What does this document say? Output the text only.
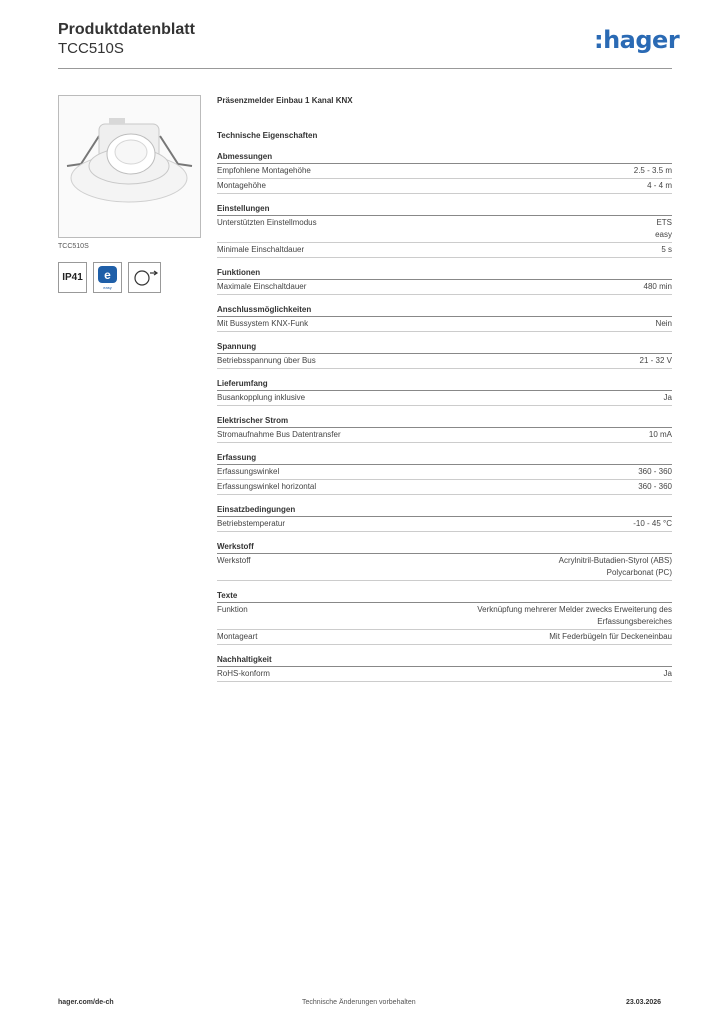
Produktdatenblatt
TCC510S	:hager
TCC510S
IP41 e
easy
Präsenzmelder Einbau 1 Kanal KNX
Technische Eigenschaften
Abmessungen
Empfohlene Montagehöhe	2.5 - 3.5 m
Montagehöhe	4 - 4 m
Einstellungen
Unterstützten Einstellmodus	ETS
easy
Minimale Einschaltdauer	5 s
Funktionen
Maximale Einschaltdauer	480 min
Anschlussmöglichkeiten
Mit Bussystem KNX-Funk	Nein
Spannung
Betriebsspannung über Bus	21 - 32 V
Lieferumfang
Busankopplung inklusive	Ja
Elektrischer Strom
Stromaufnahme Bus Datentransfer	10 mA
Erfassung
Erfassungswinkel	360 - 360
Erfassungswinkel horizontal	360 - 360
Einsatzbedingungen
Betriebstemperatur	-10 - 45 °C
Werkstoff
Werkstoff	Acrylnitril-Butadien-Styrol (ABS)
Polycarbonat (PC)
Texte
Funktion	Verknüpfung mehrerer Melder zwecks Erweiterung des
Erfassungsbereiches
Montageart	Mit Federbügeln für Deckeneinbau
Nachhaltigkeit
RoHS-konform	Ja
hager.com/de-ch	Technische Änderungen vorbehalten	23.03.2026
